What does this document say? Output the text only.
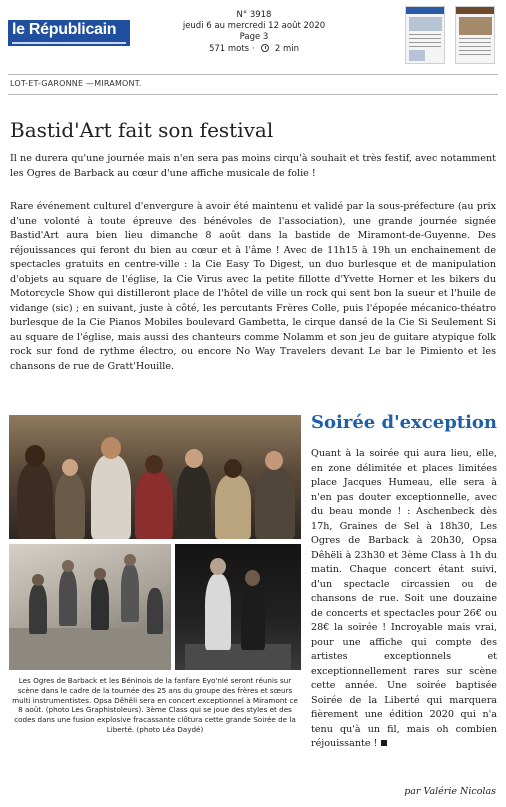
le Républicain
N° 3918
jeudi 6 au mercredi 12 août 2020
Page 3
571 mots ·  2 min
LOT-ET-GARONNE —MIRAMONT.
Bastid'Art fait son festival

Il ne durera qu'une journée mais n'en sera pas moins cirqu'à souhait et très festif, avec notamment les Ogres de Barback au cœur d'une affiche musicale de folie !

Rare événement culturel d'envergure à avoir été maintenu et validé par la sous-préfecture (au prix d'une volonté à toute épreuve des bénévoles de l'association), une grande journée signée Bastid'Art aura bien lieu dimanche 8 août dans la bastide de Miramont-de-Guyenne. Des réjouissances qui feront du bien au cœur et à l'âme ! Avec de 11h15 à 19h un enchainement de spectacles gratuits en centre-ville : la Cie Easy To Digest, un duo burlesque et de manipulation d'objets au square de l'église, la Cie Virus avec la petite fillotte d'Yvette Horner et les bikers du Motorcycle Show qui distilleront place de l'hôtel de ville un rock qui sent bon la sueur et l'huile de vidange (sic) ; en suivant, juste à côté, les percutants Frères Colle, puis l'épopée mécanico-théatro burlesque de la Cie Pianos Mobiles boulevard Gambetta, le cirque dansé de la Cie Si Seulement Si au square de l'église, mais aussi des chanteurs comme Nolamm et son jeu de guitare atypique folk rock sur fond de rythme électro, ou encore No Way Travelers devant Le bar le Pimiento et les chansons de rue de Gratt'Houille.

Les Ogres de Barback et les Béninois de la fanfare Eyo'nlé seront réunis sur scène dans le cadre de la tournée des 25 ans du groupe des frères et sœurs multi instrumentistes. Opsa Dêhëli sera en concert exceptionnel à Miramont ce 8 août. (photo Les Graphistoleurs). 3ème Class qui se joue des styles et des codes dans une fusion explosive fracassante clôtura cette grande Soirée de la Liberté. (photo Léa Daydé)

Soirée d'exception

Quant à la soirée qui aura lieu, elle, en zone délimitée et places limitées place Jacques Humeau, elle sera à n'en pas douter exceptionnelle, avec du beau monde ! : Aschenbeck dès 17h, Graines de Sel à 18h30, Les Ogres de Barback à 20h30, Opsa Dêhëli à 23h30 et 3ème Class à 1h du matin. Chaque concert étant suivi, d'un spectacle circassien ou de chansons de rue. Soit une douzaine de concerts et spectacles pour 26€ ou 28€ la soirée ! Incroyable mais vrai, pour une affiche qui compte des artistes exceptionnels et exceptionnellement rares sur scène cette année. Une soirée baptisée Soirée de la Liberté qui marquera fièrement une édition 2020 qui n'a tenu qu'à un fil, mais oh combien réjouissante !

par Valérie Nicolas
